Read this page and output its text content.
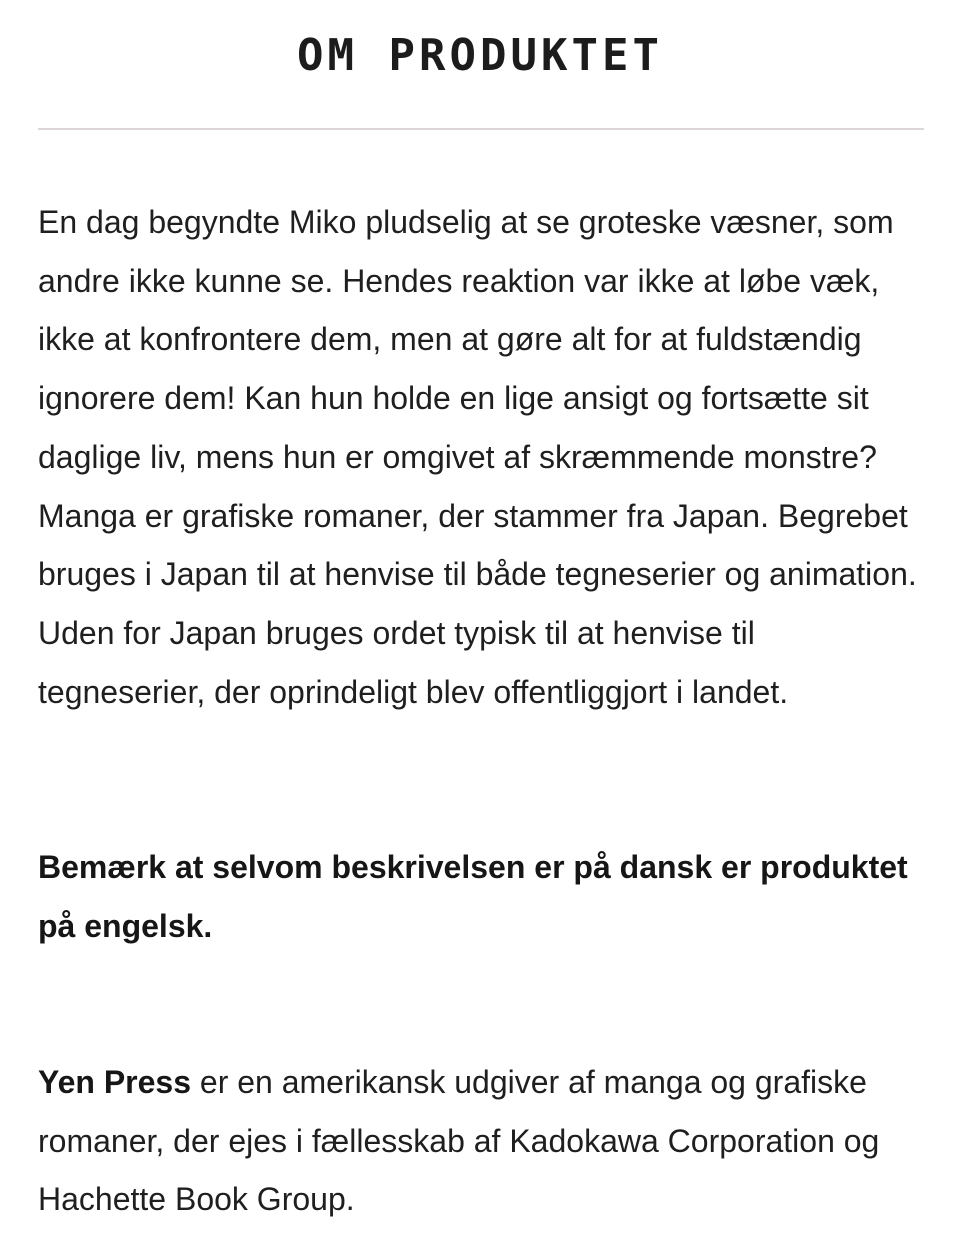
OM PRODUKTET

En dag begyndte Miko pludselig at se groteske væsner, som andre ikke kunne se. Hendes reaktion var ikke at løbe væk, ikke at konfrontere dem, men at gøre alt for at fuldstændig ignorere dem! Kan hun holde en lige ansigt og fortsætte sit daglige liv, mens hun er omgivet af skræmmende monstre? Manga er grafiske romaner, der stammer fra Japan. Begrebet bruges i Japan til at henvise til både tegneserier og animation. Uden for Japan bruges ordet typisk til at henvise til tegneserier, der oprindeligt blev offentliggjort i landet.

Bemærk at selvom beskrivelsen er på dansk er produktet på engelsk.

Yen Press er en amerikansk udgiver af manga og grafiske romaner, der ejes i fællesskab af Kadokawa Corporation og Hachette Book Group.
